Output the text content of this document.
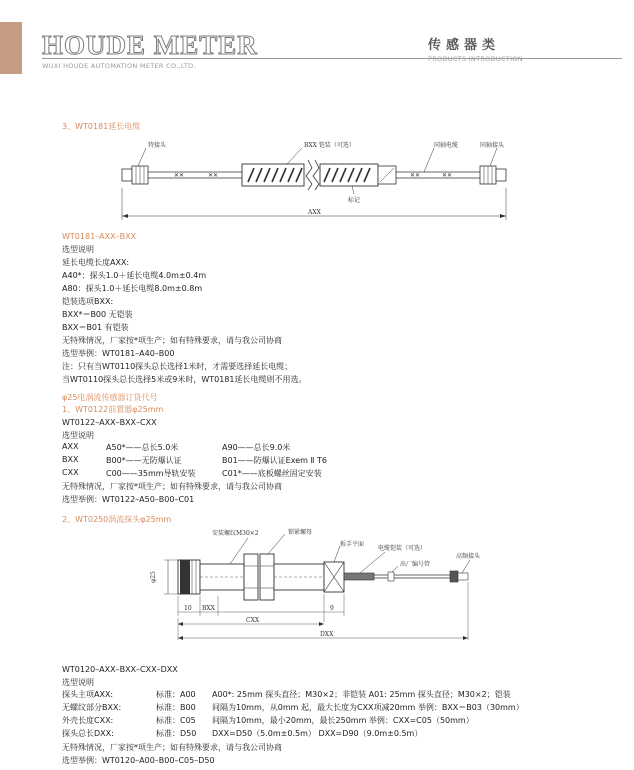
HOUDE METER
WUXI HOUDE AUTOMATION METER CO.,LTD.
传感器类
PRODUCTS INTRODUCTION
3、WT0181延长电缆
✕✕	✕✕	✕✕	✕✕
特接头	BXX 铠装（可选）	同轴电缆	同轴接头
标记
AXX
WT0181–AXX–BXX
选型说明
延长电缆长度AXX:
A40*：探头1.0＋延长电缆4.0m±0.4m
A80：探头1.0＋延长电缆8.0m±0.8m
铠装选项BXX:
BXX*＝B00 无铠装
BXX＝B01 有铠装
无特殊情况，厂家按*项生产；如有特殊要求，请与我公司协商
选型举例：WT0181–A40–B00
注：只有当WT0110探头总长选择1米时，才需要选择延长电缆；
当WT0110探头总长选择5米或9米时，WT0181延长电缆则不用选。
φ25电涡流传感器订货代号
1、WT0122前置器φ25mm
WT0122–AXX–BXX–CXX
选型说明
AXX	A50*——总长5.0米	A90——总长9.0米
BXX	B00*——无防爆认证	B01——防爆认证Exem Ⅱ T6
CXX	C00——35mm导轨安装	C01*——底板螺丝固定安装
无特殊情况，厂家按*项生产；如有特殊要求，请与我公司协商
选型举例：WT0122–A50–B00–C01
2、WT0250涡流探头φ25mm
安装螺纹M30×2	锁紧螺母
扳手平面
电缆铠装（可选）
高频接头
出厂编号管
φ25
10 BXX	9
CXX
DXX
WT0120–AXX–BXX–CXX–DXX
选型说明
探头主项AXX:	标准：A00 A00*: 25mm 探头直径；M30×2；非铠装 A01: 25mm 探头直径；M30×2；铠装
无螺纹部分BXX:	标准：B00 间隔为10mm，从0mm 起，最大长度为CXX项减20mm 举例：BXX＝B03（30mm）
外壳长度CXX:	标准：C05 间隔为10mm，最小20mm，最长250mm 举例：CXX=C05（50mm）
探头总长DXX:	标准：D50 DXX=D50（5.0m±0.5m） DXX=D90（9.0m±0.5m）
无特殊情况，厂家按*项生产；如有特殊要求，请与我公司协商
选型举例：WT0120–A00–B00–C05–D50
